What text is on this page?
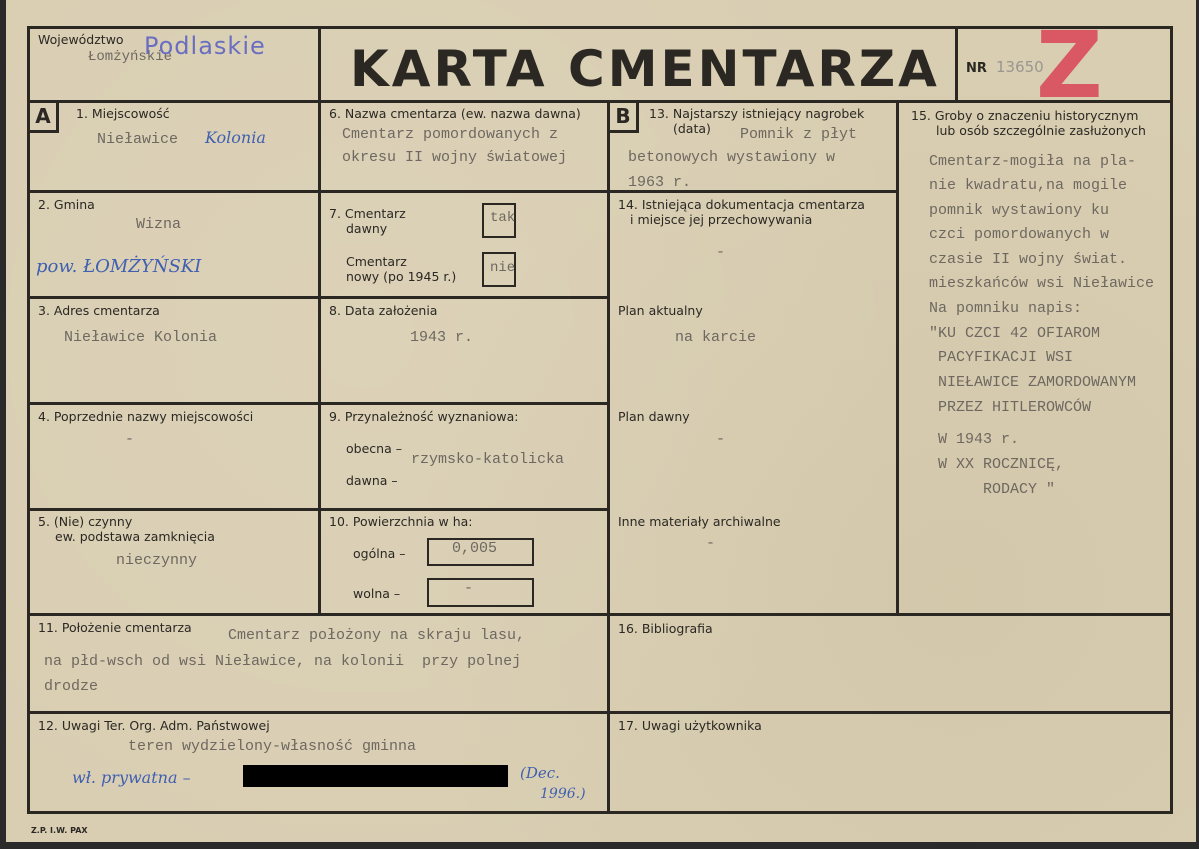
Województwo
Łomżyńskie
Podlaskie KARTA CMENTARZA NR 13650
Z
A	1. Miejscowość
Nieławice Kolonia
2. Gmina
Wizna
pow. ŁOMŻYŃSKI
3. Adres cmentarza
Nieławice Kolonia
4. Poprzednie nazwy miejscowości
-
5. (Nie) czynny
ew. podstawa zamknięcia
nieczynny
6. Nazwa cmentarza (ew. nazwa dawna)
Cmentarz pomordowanych z
okresu II wojny światowej
7. Cmentarz
dawny
tak
Cmentarz
nowy (po 1945 r.)
nie
8. Data założenia
1943 r.
9. Przynależność wyznaniowa:
obecna –
rzymsko-katolicka
dawna –
10. Powierzchnia w ha:
ogólna –	0,005
wolna –	-
11. Położenie cmentarza Cmentarz położony na skraju lasu,
na płd-wsch od wsi Nieławice, na kolonii  przy polnej
drodze
12. Uwagi Ter. Org. Adm. Państwowej
teren wydzielony-własność gminna
wł. prywatna –	(Dec.
1996.)
B	13. Najstarszy istniejący nagrobek
(data) Pomnik z płyt
betonowych wystawiony w
1963 r.
14. Istniejąca dokumentacja cmentarza
i miejsce jej przechowywania
-
Plan aktualny
na karcie
Plan dawny
-
Inne materiały archiwalne
-
15. Groby o znaczeniu historycznym
lub osób szczególnie zasłużonych
Cmentarz-mogiła na pla-
nie kwadratu,na mogile
pomnik wystawiony ku
czci pomordowanych w
czasie II wojny świat.
mieszkańców wsi Nieławice
Na pomniku napis:
"KU CZCI 42 OFIAROM
PACYFIKACJI WSI
NIEŁAWICE ZAMORDOWANYM
PRZEZ HITLEROWCÓW
W 1943 r.
W XX ROCZNICĘ,
RODACY "
16. Bibliografia
17. Uwagi użytkownika
Z.P. I.W. PAX
